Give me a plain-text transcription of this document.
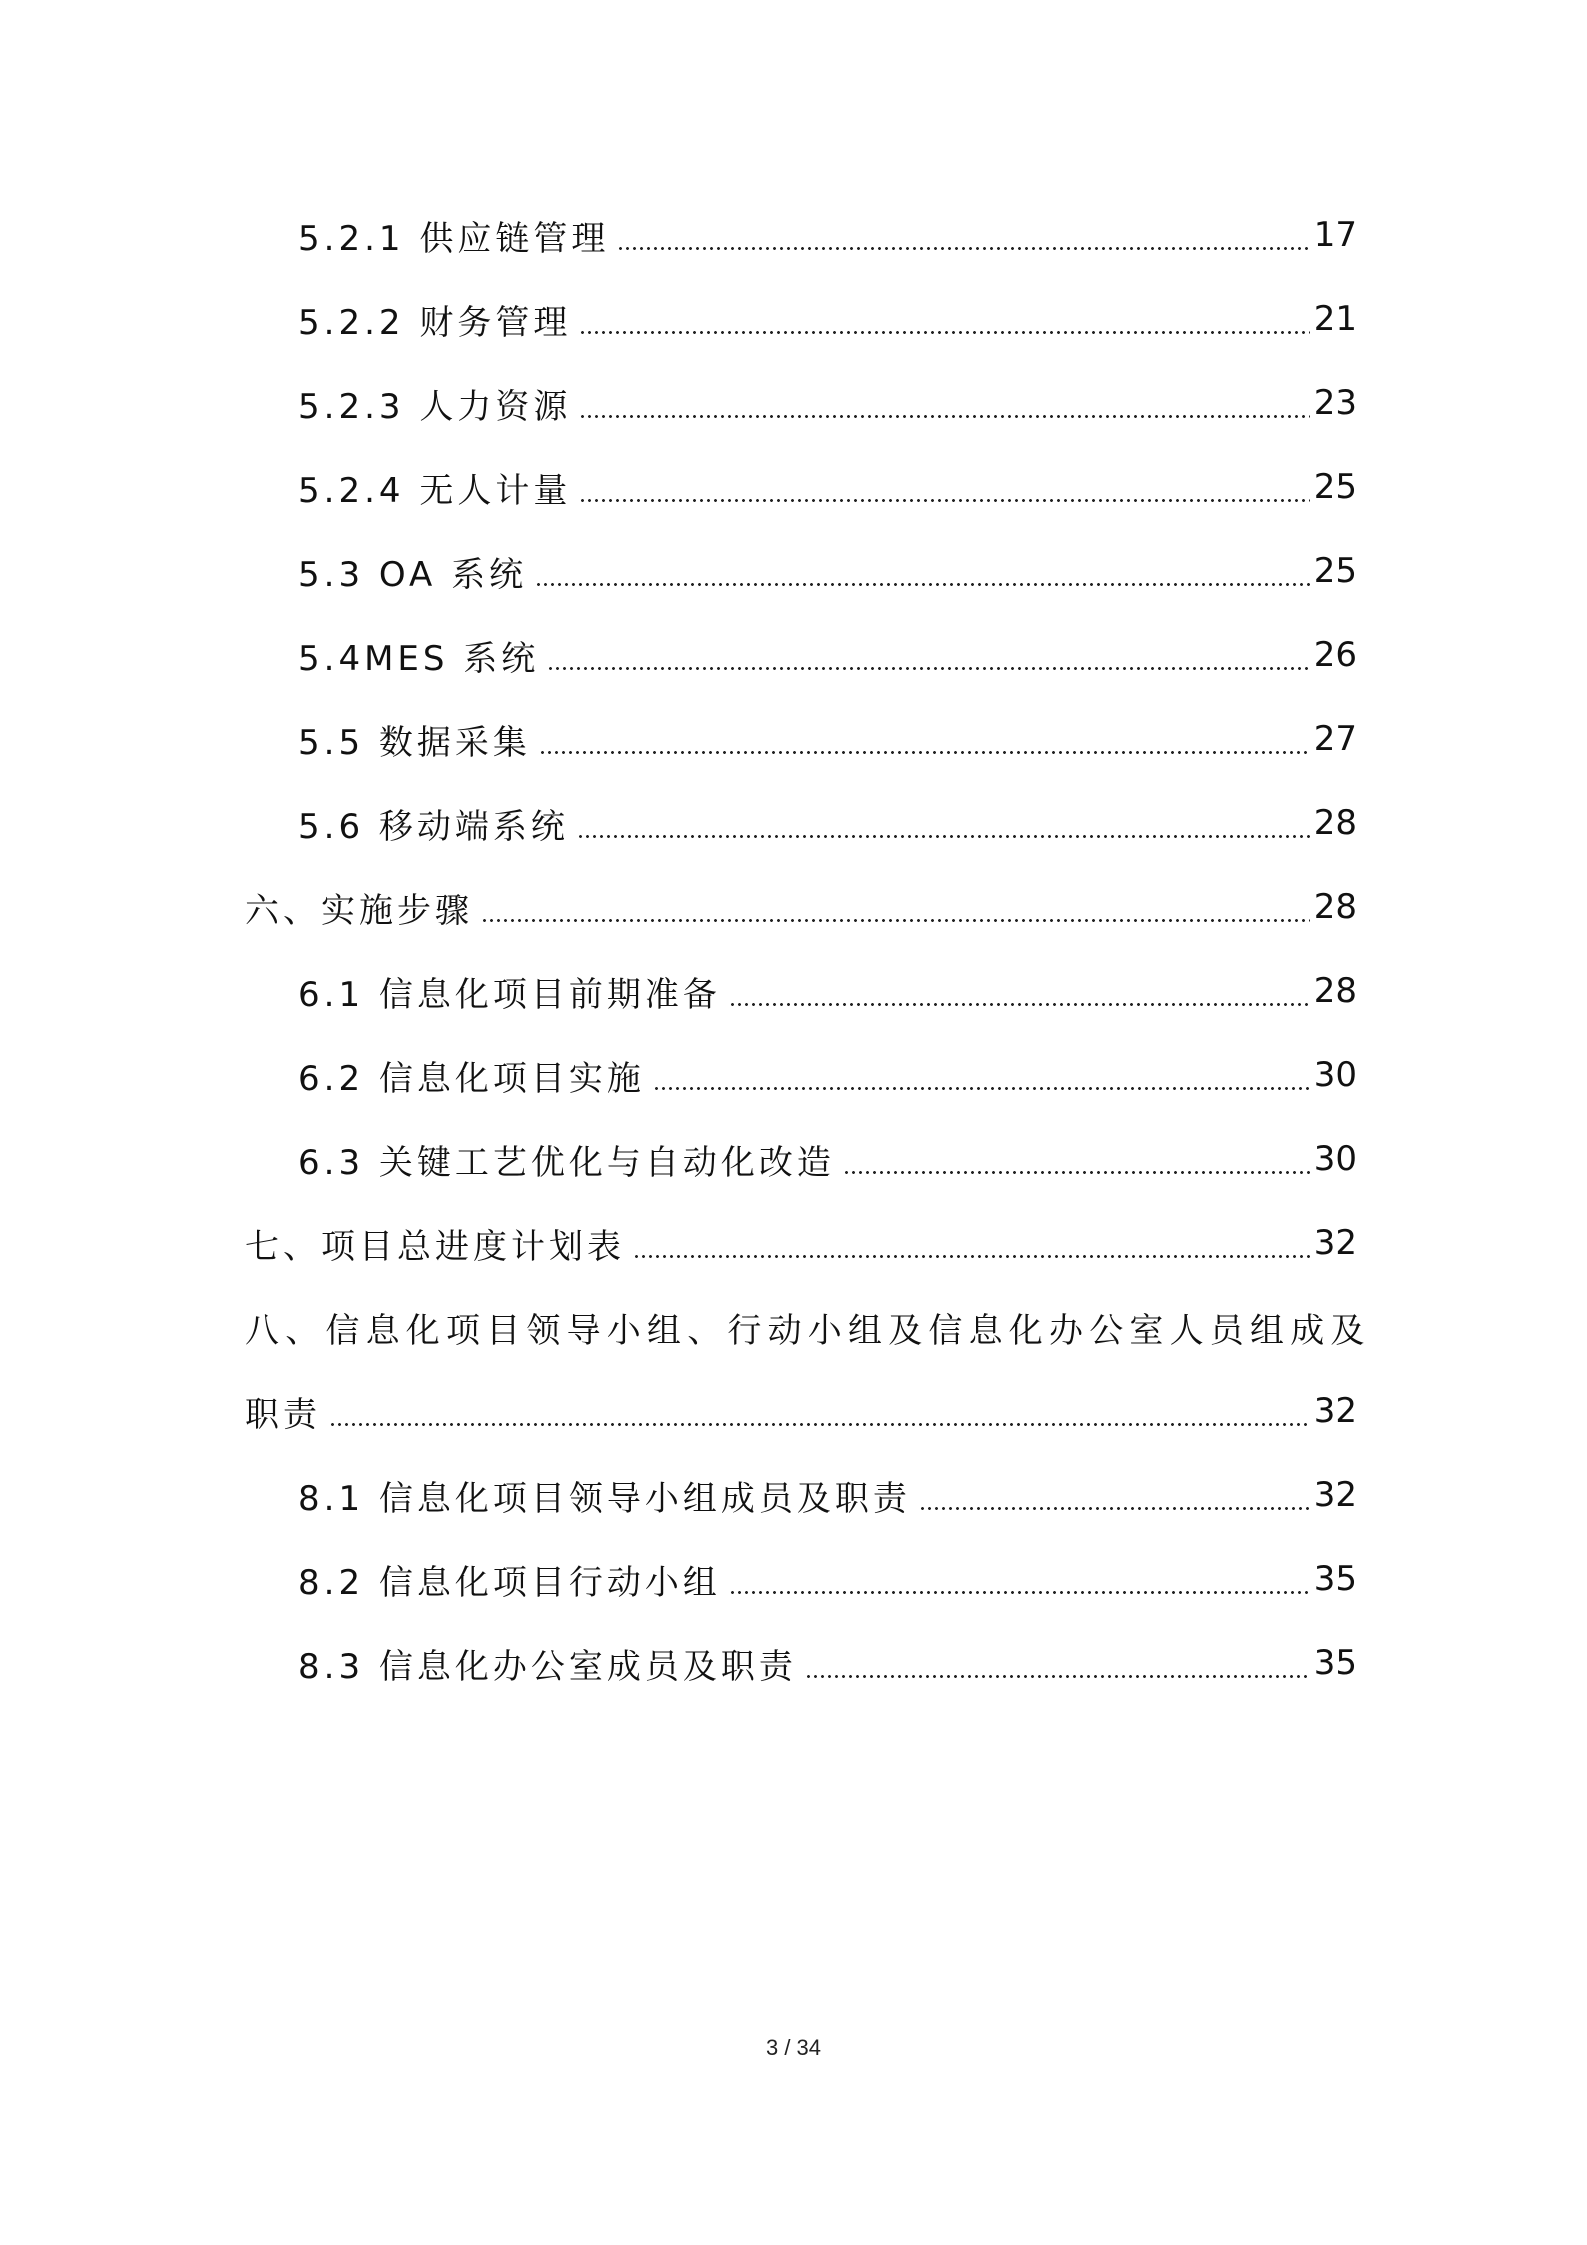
5.2.1 供应链管理	17
5.2.2 财务管理	21
5.2.3 人力资源	23
5.2.4 无人计量	25
5.3 OA 系统	25
5.4MES 系统	26
5.5 数据采集	27
5.6 移动端系统	28
六、实施步骤	28
6.1 信息化项目前期准备	28
6.2 信息化项目实施	30
6.3 关键工艺优化与自动化改造	30
七、项目总进度计划表	32
八、信息化项目领导小组、行动小组及信息化办公室人员组成及
职责	32
8.1 信息化项目领导小组成员及职责	32
8.2 信息化项目行动小组	35
8.3 信息化办公室成员及职责	35
3 / 34
